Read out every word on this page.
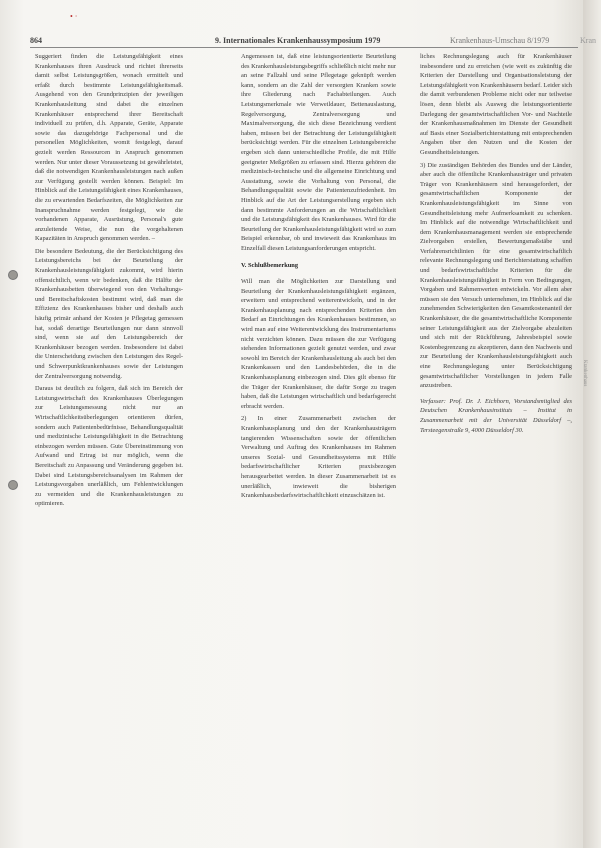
• ·
864	9. Internationales Krankenhaussymposium 1979	Krankenhaus-Umschau 8/1979	Kran

Suggeriert finden die Leistungsfähigkeit eines Krankenhauses ihren Ausdruck und richtet ihrerseits damit selbst Leistungsgrößen, wonach ermittelt und erfaßt durch bestimmte Leistungsfähigkeitsmaß. Ausgehend von den Grundprinzipien der jeweiligen Krankenhausleitung sind dabei die einzelnen Krankenhäuser entsprechend ihrer Bereitschaft individuell zu prüfen, d.h. Apparate, Geräte, Apparate sowie das dazugehörige Fachpersonal und die personellen Möglichkeiten, womit festgelegt, darauf gezielt werden Ressourcen in Anspruch genommen werden. Nur unter dieser Voraussetzung ist gewährleistet, daß die notwendigen Krankenhausleistungen nach außen zur Verfügung gestellt werden können. Beispiel: Im Hinblick auf die Leistungsfähigkeit eines Krankenhauses, die zu erwartenden Bedarfszeiten, die Möglichkeiten zur Inanspruchnahme werden festgelegt, wie die vorhandenen Apparate, Ausrüstung, Personal's gute anzuleitende Weise, die nun die vorgehaltenen Kapazitäten in Anspruch genommen werden. –

Die besondere Bedeutung, die der Berücksichtigung des Leistungsbereichs bei der Beurteilung der Krankenhausleistungsfähigkeit zukommt, wird hierin offensichtlich, wenn wir bedenken, daß die Hälfte der Krankenhausbetten überwiegend von den Vorhaltungs- und Bereitschaftskosten bestimmt wird, daß man die Effizienz des Krankenhauses bisher und deshalb auch häufig primär anhand der Kosten je Pflegetag gemessen hat, sodaß derartige Beurteilungen nur dann sinnvoll sind, wenn sie auf den Leistungsbereich der Krankenhäuser bezogen werden. Insbesondere ist dabei die Unterscheidung zwischen den Leistungen des Regel- und Schwerpunktkrankenhauses sowie der Leistungen der Zentralversorgung notwendig.

Daraus ist deutlich zu folgern, daß sich im Bereich der Leistungswirtschaft des Krankenhauses Überlegungen zur Leistungsmessung nicht nur an Wirtschaftlichkeitsüberlegungen orientieren dürfen, sondern auch Patientenbedürfnisse, Behandlungsqualität und medizinische Leistungsfähigkeit in die Betrachtung einbezogen werden müssen. Gute Übereinstimmung von Aufwand und Ertrag ist nur möglich, wenn die Bereitschaft zu Anpassung und Veränderung gegeben ist. Dabei sind Leistungsbereichsanalysen im Rahmen der Leistungsvorgaben unerläßlich, um Fehlentwicklungen zu vermeiden und die Krankenhausleistungen zu optimieren.

Angemessen ist, daß eine leistungsorientierte Beurteilung des Krankenhausleistungsbegriffs schließlich nicht mehr nur an seine Fallzahl und seine Pflegetage geknüpft werden kann, sondern an die Zahl der versorgten Kranken sowie ihre Gliederung nach Fachabteilungen. Auch Leistungsmerkmale wie Verweildauer, Bettenauslastung, Regelversorgung, Zentralversorgung und Maximalversorgung, die sich diese Bezeichnung verdient haben, müssen bei der Betrachtung der Leistungsfähigkeit berücksichtigt werden. Für die einzelnen Leistungsbereiche ergeben sich dann unterschiedliche Profile, die mit Hilfe geeigneter Meßgrößen zu erfassen sind. Hierzu gehören die medizinisch-technische und die allgemeine Einrichtung und Ausstattung, sowie die Vorhaltung von Personal, die Behandlungsqualität sowie die Patientenzufriedenheit. Im Hinblick auf die Art der Leistungserstellung ergeben sich dann bestimmte Anforderungen an die Wirtschaftlichkeit und die Leistungsfähigkeit des Krankenhauses. Wird für die Beurteilung der Krankenhausleistungsfähigkeit wird so zum Beispiel erkennbar, ob und inwieweit das Krankenhaus im Einzelfall diesen Leistungsanforderungen entspricht.

V. Schlußbemerkung

Will man die Möglichkeiten zur Darstellung und Beurteilung der Krankenhausleistungsfähigkeit ergänzen, erweitern und entsprechend weiterentwickeln, und in der Krankenhausplanung nach entsprechenden Kriterien den Bedarf an Einrichtungen des Krankenhauses bestimmen, so wird man auf eine Weiterentwicklung des Instrumentariums nicht verzichten können. Dazu müssen die zur Verfügung stehenden Informationen gezielt genutzt werden, und zwar sowohl im Bereich der Krankenhausleitung als auch bei den Krankenkassen und den Landesbehörden, die in die Krankenhausplanung einbezogen sind. Dies gilt ebenso für die Träger der Krankenhäuser, die dafür Sorge zu tragen haben, daß die Leistungen wirtschaftlich und bedarfsgerecht erbracht werden.

2) In einer Zusammenarbeit zwischen der Krankenhausplanung und den der Krankenhausträgern tangierenden Wissenschaften sowie der öffentlichen Verwaltung und Auftrag des Krankenhauses im Rahmen unseres Sozial- und Gesundheitssystems mit Hilfe bedarfswirtschaftlicher Kriterien praxisbezogen herausgearbeitet werden. In dieser Zusammenarbeit ist es unerläßlich, inwieweit die bisherigen Krankenhausbedarfswirtschaftlichkeit einzuschätzen ist.

liches Rechnungslegung auch für Krankenhäuser insbesondere und zu erreichen (wie weit es zukünftig die Kriterien der Darstellung und Organisationsleistung der Leistungsfähigkeit von Krankenhäusern bedarf. Leider sich die damit verbundenen Probleme nicht oder nur teilweise lösen, denn bleibt als Ausweg die leistungsorientierte Darlegung der gesamtwirtschaftlichen Vor- und Nachteile der Krankenhausmaßnahmen im Dienste der Gesundheit auf Basis einer Sozialberichterstattung mit entsprechenden Angaben über den Nutzen und die Kosten der Gesundheitsleistungen.

3) Die zuständigen Behörden des Bundes und der Länder, aber auch die öffentliche Krankenhausträger und privaten Träger von Krankenhäusern sind herausgefordert, der gesamtwirtschaftlichen Komponente der Krankenhausleistungsfähigkeit im Sinne von Gesundheitsleistung mehr Aufmerksamkeit zu schenken. Im Hinblick auf die notwendige Wirtschaftlichkeit und dem Krankenhausmanagement werden sie entsprechende Zielvorgaben erstellen, Bewertungsmaßstäbe und Verfahrensrichtlinien für eine gesamtwirtschaftlich relevante Rechnungslegung und Berichterstattung schaffen und bedarfswirtschaftliche Kriterien für die Krankenhausleistungsfähigkeit in Form von Bedingungen, Vorgaben und Rahmenwerten entwickeln. Vor allem aber müssen sie den Versuch unternehmen, im Hinblick auf die zunehmenden Schwierigkeiten den Gesamtkostenanteil der Krankenhäuser, die die gesamtwirtschaftliche Komponente seiner Leistungsfähigkeit aus der Zielvorgabe abzuleiten und sich mit der Rückführung, Jahresbeispiel sowie Kostenbegrenzung zu akzeptieren, dann den Nachweis und zur Beurteilung der Krankenhausleistungsfähigkeit auch eine Rechnungslegung unter Berücksichtigung gesamtwirtschaftlicher Vorstellungen in jedem Falle anzustreben.

Verfasser: Prof. Dr. J. Eichhorn, Vorstandsmitglied des Deutschen Krankenhausinstituts – Institut in Zusammenarbeit mit der Universität Düsseldorf –, Tersteegenstraße 9, 4000 Düsseldorf 30.

Krankenhaus
